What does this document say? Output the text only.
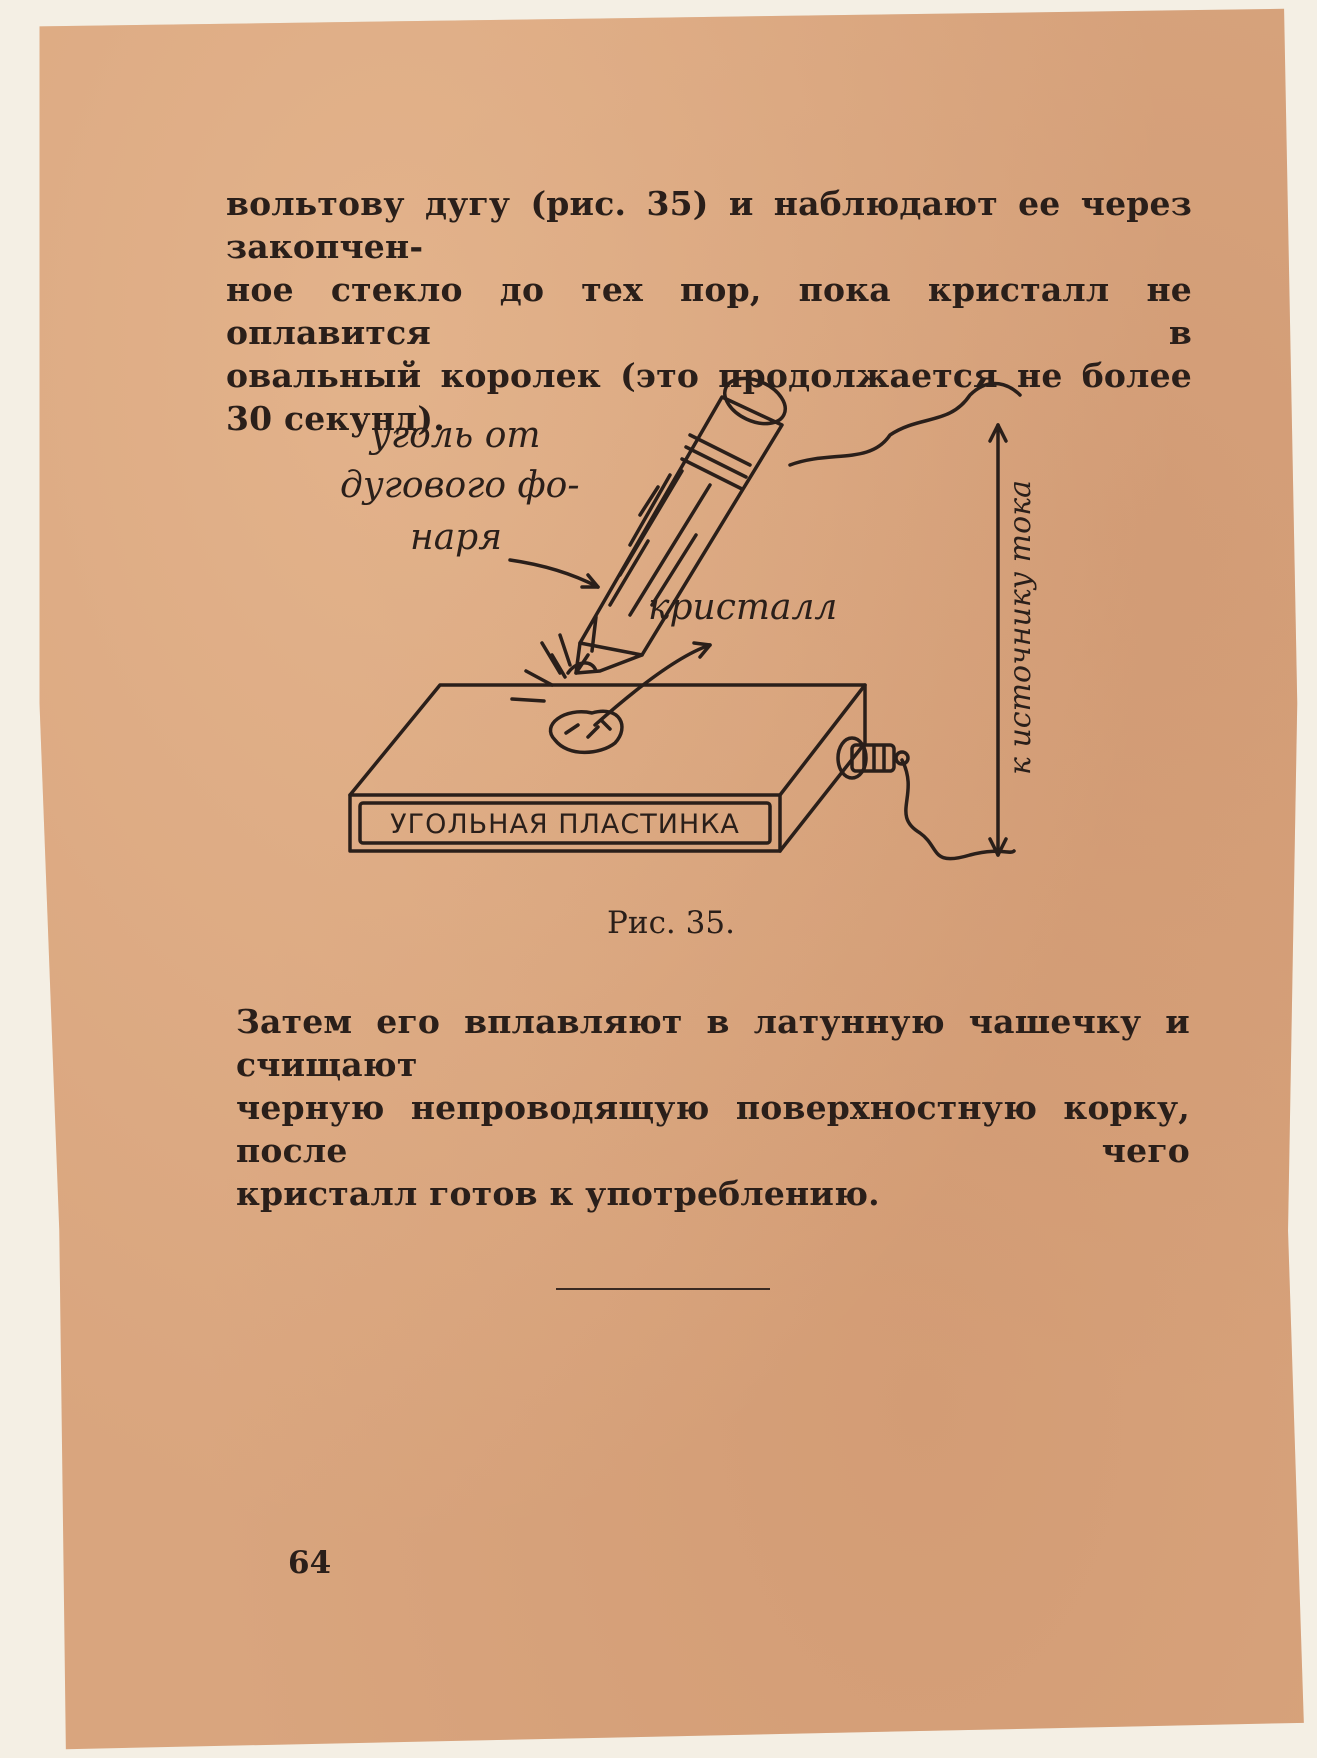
вольтову дугу (рис. 35) и наблюдают ее через закопчен-
ное стекло до тех пор, пока кристалл не оплавится в
овальный королек (это продолжается не более 30 секунд).
уголь от
дугового фо-
наря
кристалл
УГОЛЬНАЯ ПЛАСТИНКА
к источнику тока
Рис. 35.
Затем его вплавляют в латунную чашечку и счищают
черную непроводящую поверхностную корку, после чего
кристалл готов к употреблению.
64
